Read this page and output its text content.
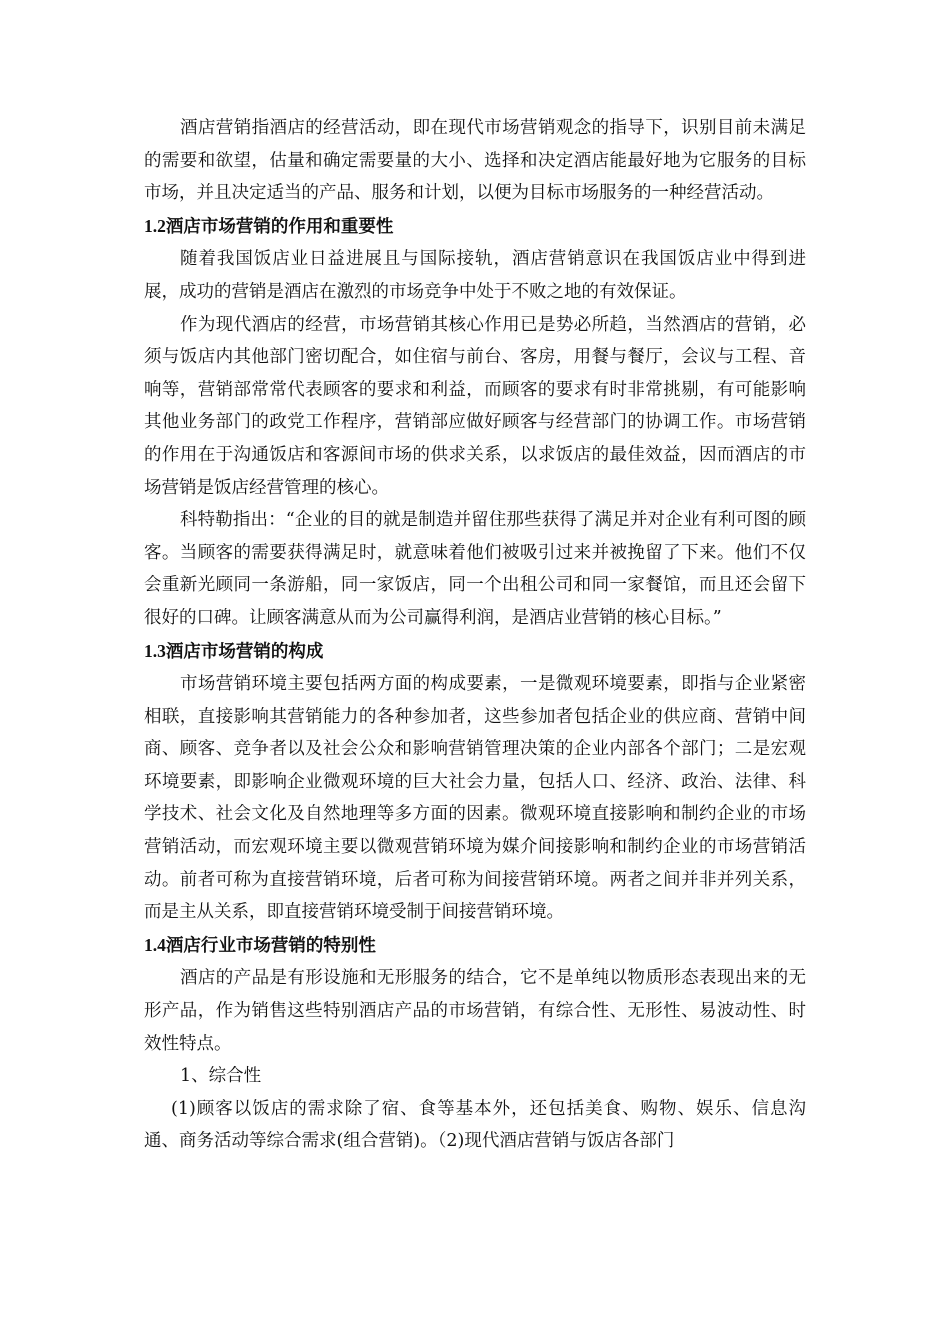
酒店营销指酒店的经营活动，即在现代市场营销观念的指导下，识别目前未满足的需要和欲望，估量和确定需要量的大小、选择和决定酒店能最好地为它服务的目标市场，并且决定适当的产品、服务和计划，以便为目标市场服务的一种经营活动。

1.2酒店市场营销的作用和重要性

随着我国饭店业日益进展且与国际接轨，酒店营销意识在我国饭店业中得到进展，成功的营销是酒店在激烈的市场竞争中处于不败之地的有效保证。

作为现代酒店的经营，市场营销其核心作用已是势必所趋，当然酒店的营销，必须与饭店内其他部门密切配合，如住宿与前台、客房，用餐与餐厅，会议与工程、音响等，营销部常常代表顾客的要求和利益，而顾客的要求有时非常挑剔，有可能影响其他业务部门的政党工作程序，营销部应做好顾客与经营部门的协调工作。市场营销的作用在于沟通饭店和客源间市场的供求关系，以求饭店的最佳效益，因而酒店的市场营销是饭店经营管理的核心。

科特勒指出：“企业的目的就是制造并留住那些获得了满足并对企业有利可图的顾客。当顾客的需要获得满足时，就意味着他们被吸引过来并被挽留了下来。他们不仅会重新光顾同一条游船，同一家饭店，同一个出租公司和同一家餐馆，而且还会留下很好的口碑。让顾客满意从而为公司赢得利润，是酒店业营销的核心目标。”

1.3酒店市场营销的构成

市场营销环境主要包括两方面的构成要素，一是微观环境要素，即指与企业紧密相联，直接影响其营销能力的各种参加者，这些参加者包括企业的供应商、营销中间商、顾客、竞争者以及社会公众和影响营销管理决策的企业内部各个部门；二是宏观环境要素，即影响企业微观环境的巨大社会力量，包括人口、经济、政治、法律、科学技术、社会文化及自然地理等多方面的因素。微观环境直接影响和制约企业的市场营销活动，而宏观环境主要以微观营销环境为媒介间接影响和制约企业的市场营销活动。前者可称为直接营销环境，后者可称为间接营销环境。两者之间并非并列关系，而是主从关系，即直接营销环境受制于间接营销环境。

1.4酒店行业市场营销的特别性

酒店的产品是有形设施和无形服务的结合，它不是单纯以物质形态表现出来的无形产品，作为销售这些特别酒店产品的市场营销，有综合性、无形性、易波动性、时效性特点。

1、综合性

(1)顾客以饭店的需求除了宿、食等基本外，还包括美食、购物、娱乐、信息沟通、商务活动等综合需求(组合营销)。（2)现代酒店营销与饭店各部门
